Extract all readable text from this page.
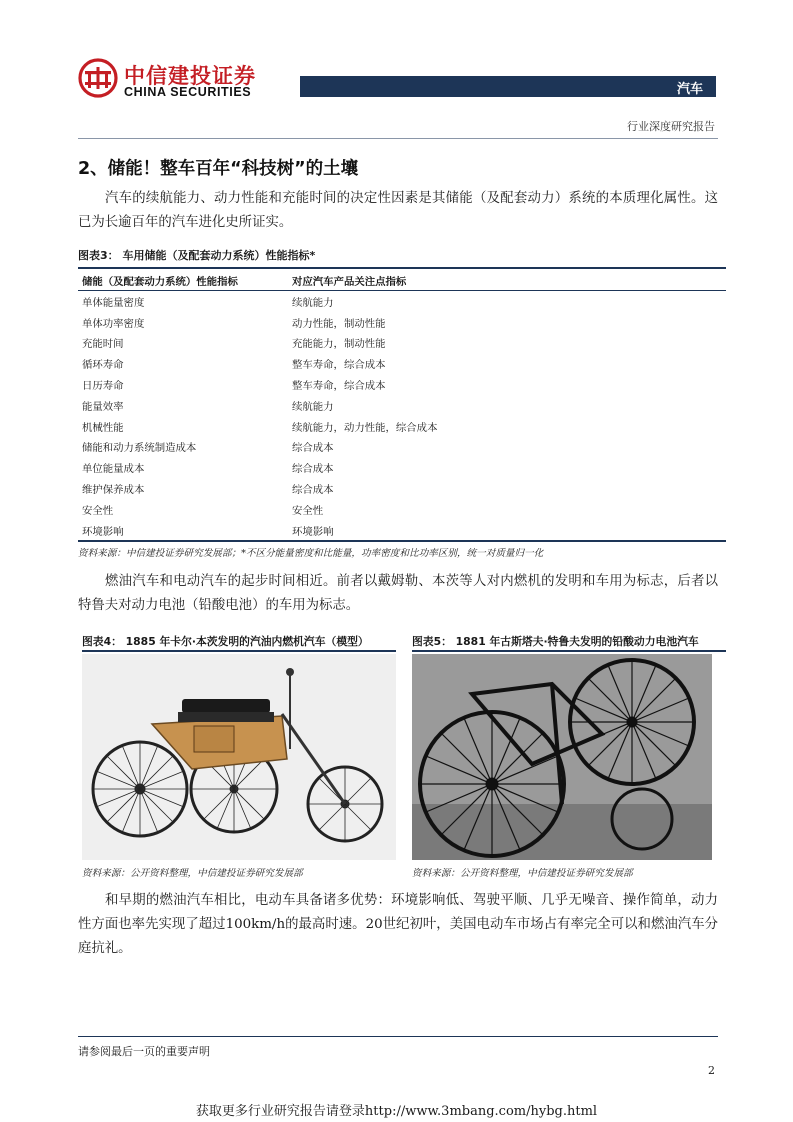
中信建投证券
CHINA SECURITIES	汽车
行业深度研究报告
2、储能！整车百年“科技树”的土壤
汽车的续航能力、动力性能和充能时间的决定性因素是其储能（及配套动力）系统的本质理化属性。这已为长逾百年的汽车进化史所证实。
图表3： 车用储能（及配套动力系统）性能指标*
储能（及配套动力系统）性能指标	对应汽车产品关注点指标
单体能量密度	续航能力
单体功率密度	动力性能，制动性能
充能时间	充能能力，制动性能
循环寿命	整车寿命，综合成本
日历寿命	整车寿命，综合成本
能量效率	续航能力
机械性能	续航能力，动力性能，综合成本
储能和动力系统制造成本	综合成本
单位能量成本	综合成本
维护保养成本	综合成本
安全性	安全性
环境影响	环境影响
资料来源：中信建投证券研究发展部；*不区分能量密度和比能量，功率密度和比功率区别，统一对质量归一化
燃油汽车和电动汽车的起步时间相近。前者以戴姆勒、本茨等人对内燃机的发明和车用为标志，后者以特鲁夫对动力电池（铅酸电池）的车用为标志。
图表4： 1885 年卡尔·本茨发明的汽油内燃机汽车（模型）
资料来源：公开资料整理，中信建投证券研究发展部
图表5： 1881 年古斯塔夫·特鲁夫发明的铅酸动力电池汽车
资料来源：公开资料整理，中信建投证券研究发展部
和早期的燃油汽车相比，电动车具备诸多优势：环境影响低、驾驶平顺、几乎无噪音、操作简单，动力性方面也率先实现了超过100km/h的最高时速。20世纪初叶，美国电动车市场占有率完全可以和燃油汽车分庭抗礼。
请参阅最后一页的重要声明
2
获取更多行业研究报告请登录http://www.3mbang.com/hybg.html
